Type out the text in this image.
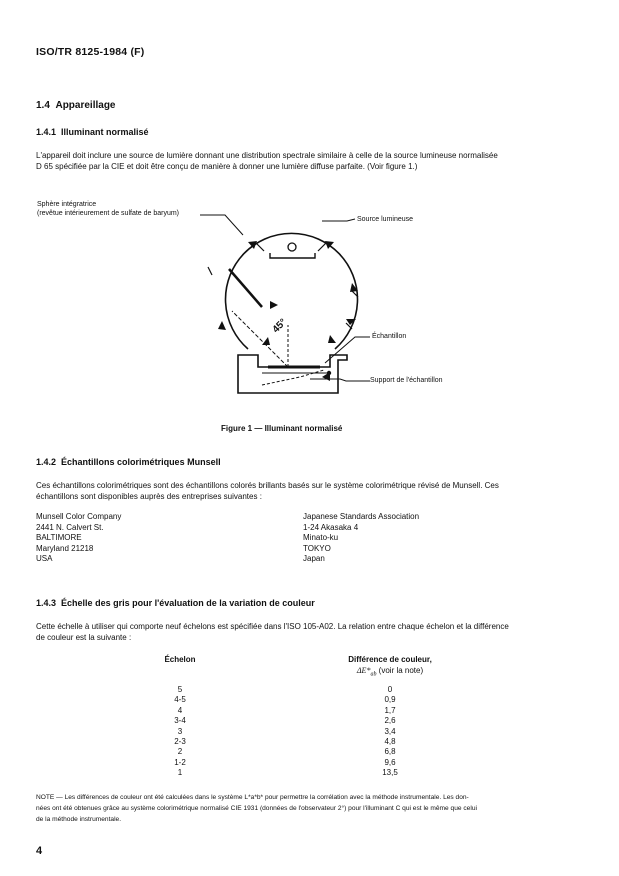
ISO/TR 8125-1984 (F)
1.4 Appareillage
1.4.1 Illuminant normalisé
L'appareil doit inclure une source de lumière donnant une distribution spectrale similaire à celle de la source lumineuse normalisée
D 65 spécifiée par la CIE et doit être conçu de manière à donner une lumière diffuse parfaite. (Voir figure 1.)
Sphère intégratrice
(revêtue intérieurement de sulfate de baryum)
Source lumineuse
Échantillon
Support de l'échantillon
45°
Figure 1 — Illuminant normalisé
1.4.2 Échantillons colorimétriques Munsell
Ces échantillons colorimétriques sont des échantillons colorés brillants basés sur le système colorimétrique révisé de Munsell. Ces
échantillons sont disponibles auprès des entreprises suivantes :
Munsell Color Company
2441 N. Calvert St.
BALTIMORE
Maryland 21218
USA
Japanese Standards Association
1-24 Akasaka 4
Minato-ku
TOKYO
Japan
1.4.3 Échelle des gris pour l'évaluation de la variation de couleur
Cette échelle à utiliser qui comporte neuf échelons est spécifiée dans l'ISO 105-A02. La relation entre chaque échelon et la différence
de couleur est la suivante :
Échelon	Différence de couleur,
$\Delta E*_{ab}$ (voir la note)
5	0
4-5	0,9
4	1,7
3-4	2,6
3	3,4
2-3	4,8
2	6,8
1-2	9,6
1	13,5
NOTE — Les différences de couleur ont été calculées dans le système L*a*b* pour permettre la corrélation avec la méthode instrumentale. Les don-
nées ont été obtenues grâce au système colorimétrique normalisé CIE 1931 (données de l'observateur 2°) pour l'illuminant C qui est le même que celui
de la méthode instrumentale.
4
